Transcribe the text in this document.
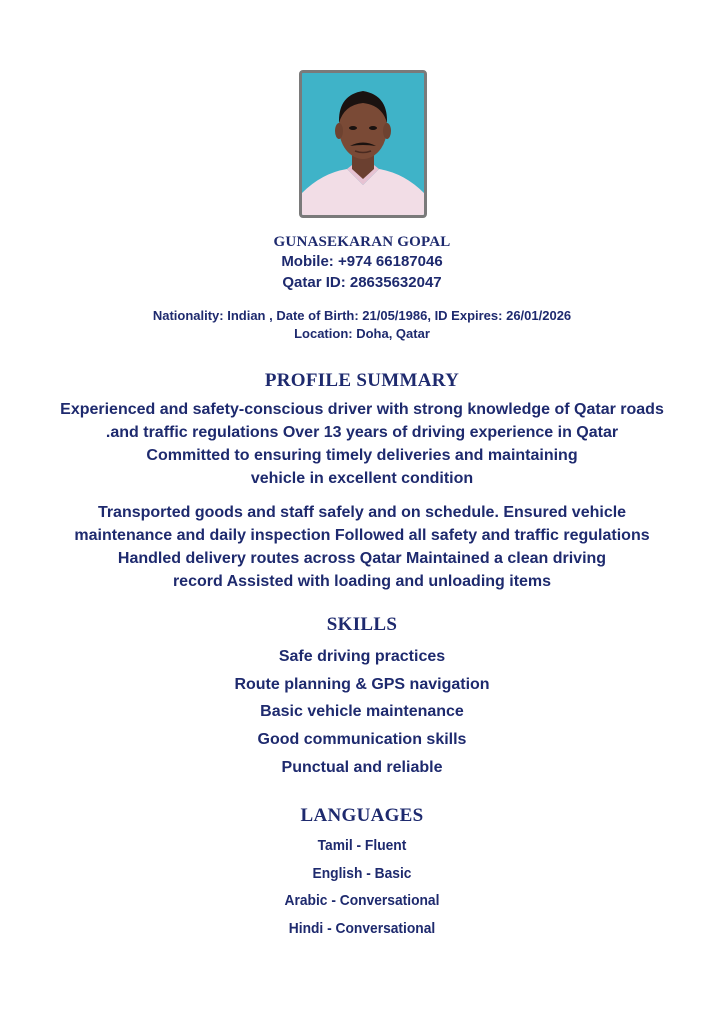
GUNASEKARAN GOPAL
Mobile: +974 66187046
Qatar ID: 28635632047
Nationality: Indian , Date of Birth: 21/05/1986, ID Expires: 26/01/2026
Location: Doha, Qatar
PROFILE SUMMARY
Experienced and safety-conscious driver with strong knowledge of Qatar roads
.and traffic regulations Over 13 years of driving experience in Qatar
Committed to ensuring timely deliveries and maintaining
vehicle in excellent condition
Transported goods and staff safely and on schedule. Ensured vehicle
maintenance and daily inspection Followed all safety and traffic regulations
Handled delivery routes across Qatar Maintained a clean driving
record Assisted with loading and unloading items
SKILLS
Safe driving practices
Route planning & GPS navigation
Basic vehicle maintenance
Good communication skills
Punctual and reliable
LANGUAGES
Tamil - Fluent
English - Basic
Arabic - Conversational
Hindi - Conversational
